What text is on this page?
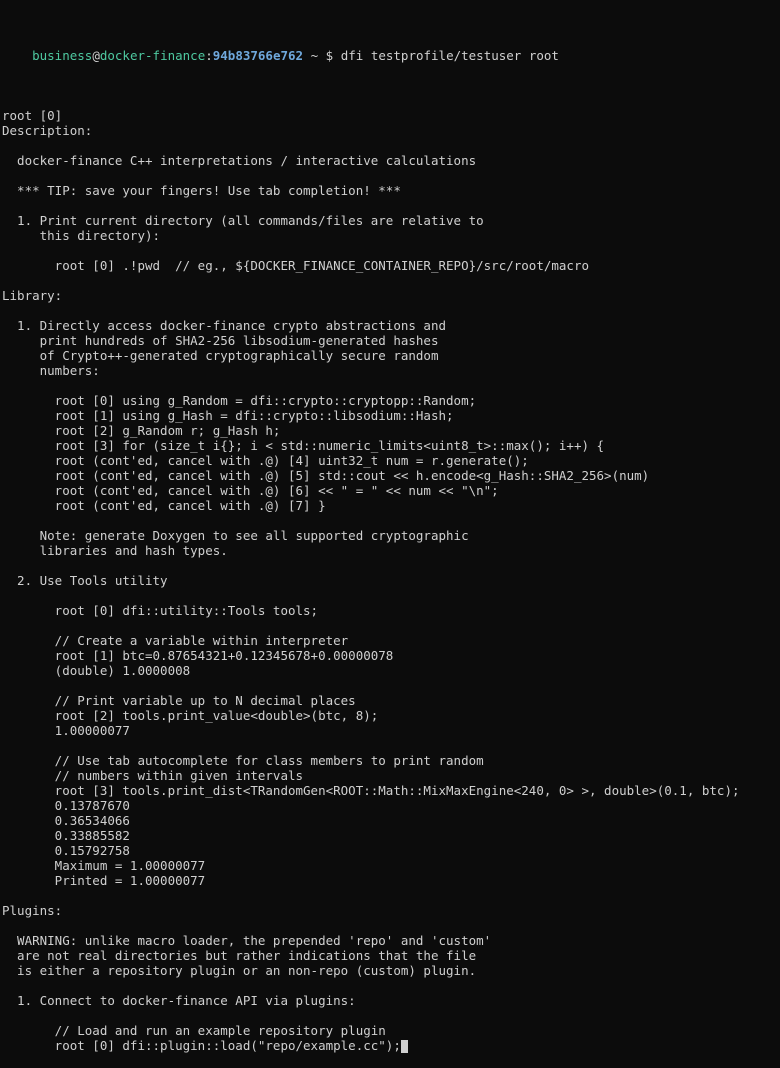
business@docker-finance:94b83766e762 ~ $ dfi testprofile/testuser root

root [0]
Description:

docker-finance C++ interpretations / interactive calculations

*** TIP: save your fingers! Use tab completion! ***

1. Print current directory (all commands/files are relative to
this directory):

root [0] .!pwd  // eg., ${DOCKER_FINANCE_CONTAINER_REPO}/src/root/macro

Library:

1. Directly access docker-finance crypto abstractions and
print hundreds of SHA2-256 libsodium-generated hashes
of Crypto++-generated cryptographically secure random
numbers:

root [0] using g_Random = dfi::crypto::cryptopp::Random;
root [1] using g_Hash = dfi::crypto::libsodium::Hash;
root [2] g_Random r; g_Hash h;
root [3] for (size_t i{}; i < std::numeric_limits<uint8_t>::max(); i++) {
root (cont'ed, cancel with .@) [4] uint32_t num = r.generate();
root (cont'ed, cancel with .@) [5] std::cout << h.encode<g_Hash::SHA2_256>(num)
root (cont'ed, cancel with .@) [6] << " = " << num << "\n";
root (cont'ed, cancel with .@) [7] }

Note: generate Doxygen to see all supported cryptographic
libraries and hash types.

2. Use Tools utility

root [0] dfi::utility::Tools tools;

// Create a variable within interpreter
root [1] btc=0.87654321+0.12345678+0.00000078
(double) 1.0000008

// Print variable up to N decimal places
root [2] tools.print_value<double>(btc, 8);
1.00000077

// Use tab autocomplete for class members to print random
// numbers within given intervals
root [3] tools.print_dist<TRandomGen<ROOT::Math::MixMaxEngine<240, 0> >, double>(0.1, btc);
0.13787670
0.36534066
0.33885582
0.15792758
Maximum = 1.00000077
Printed = 1.00000077

Plugins:

WARNING: unlike macro loader, the prepended 'repo' and 'custom'
are not real directories but rather indications that the file
is either a repository plugin or an non-repo (custom) plugin.

1. Connect to docker-finance API via plugins:

// Load and run an example repository plugin
root [0] dfi::plugin::load("repo/example.cc");
